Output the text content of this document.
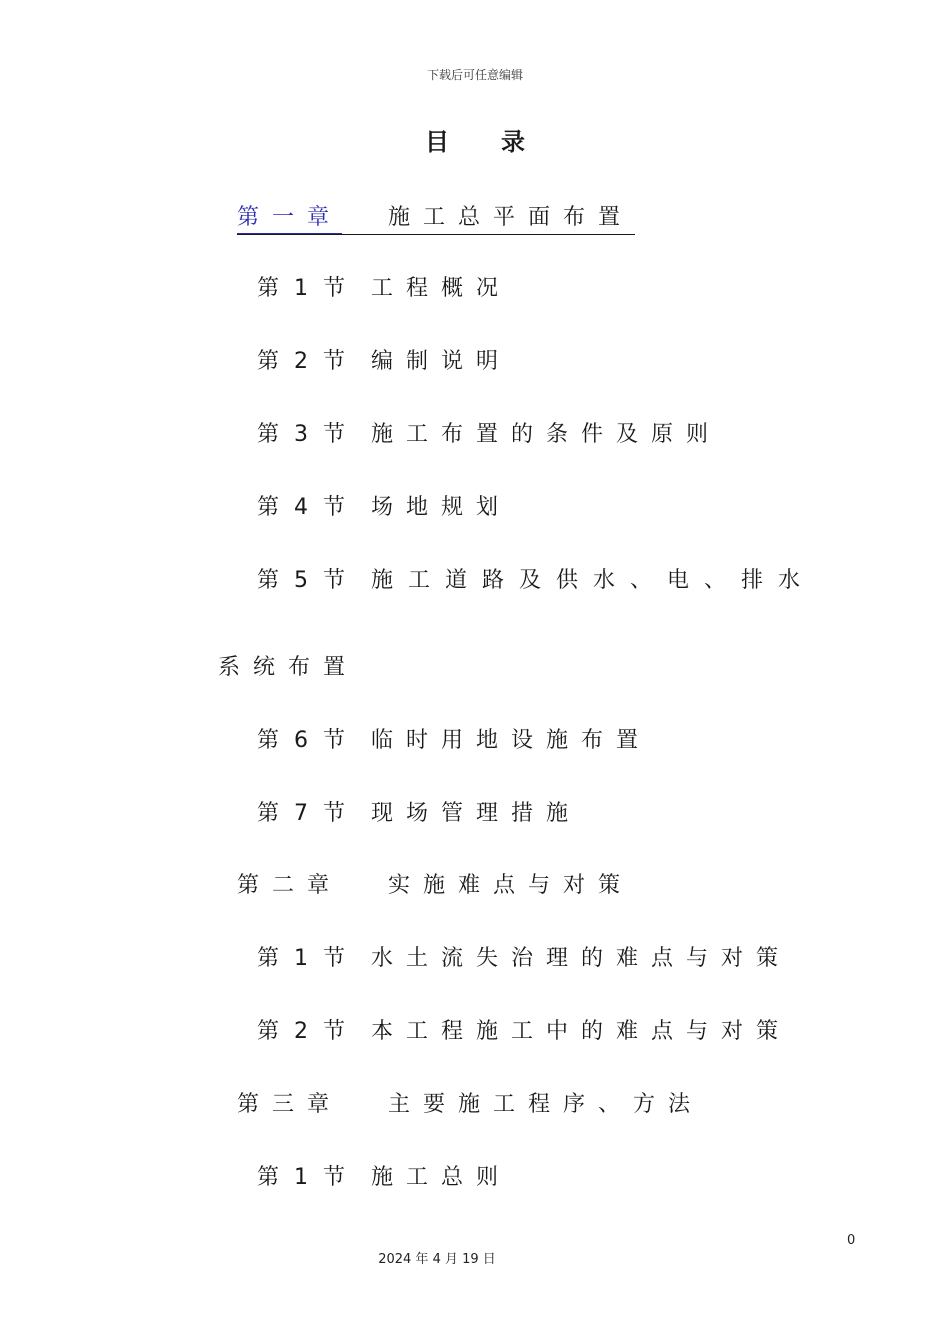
下载后可任意编辑
目 录
第一章 施工总平面布置
第 1 节 工程概况
第 2 节 编制说明
第 3 节 施工布置的条件及原则
第 4 节 场地规划
第 5 节 施工道路及供水、电、排水
系统布置
第 6 节 临时用地设施布置
第 7 节 现场管理措施
第二章 实施难点与对策
第 1 节 水土流失治理的难点与对策
第 2 节 本工程施工中的难点与对策
第三章 主要施工程序、方法
第 1 节 施工总则
0
2024 年 4 月 19 日
